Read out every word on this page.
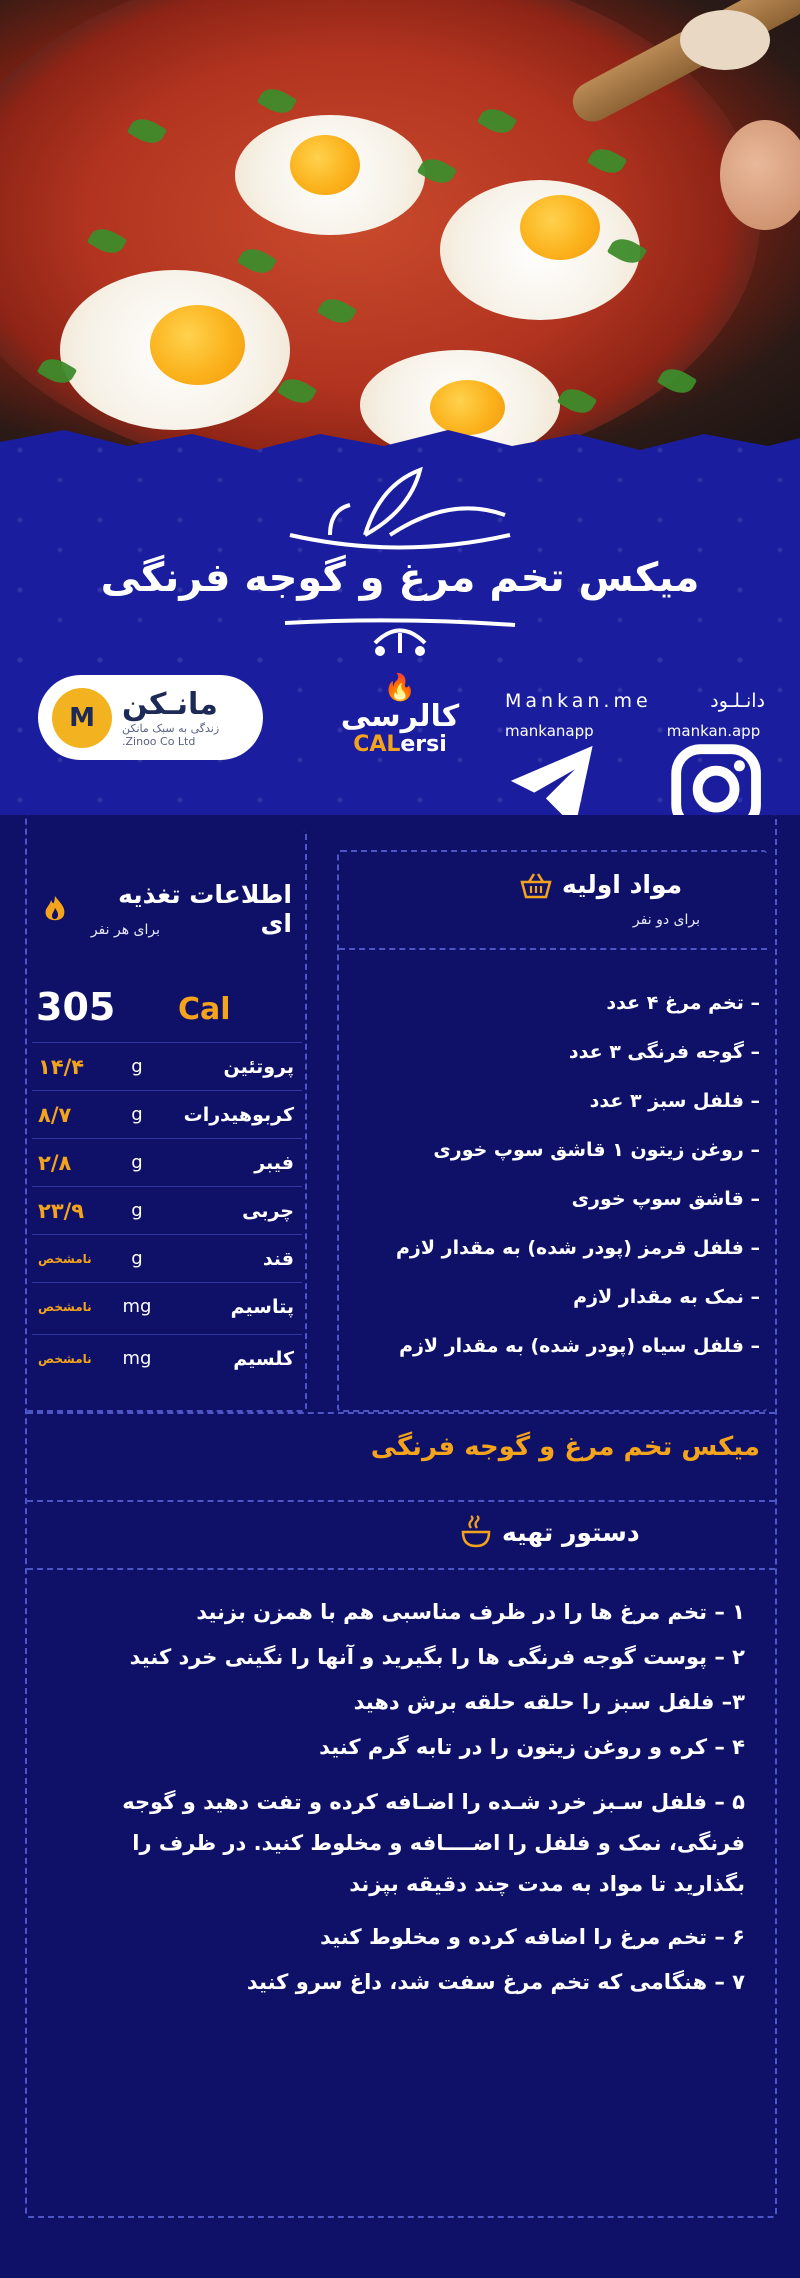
میکس تخم مرغ و گوجه فرنگی
M مانـکن
زندگی به سبک مانکن
Zinoo Co Ltd.
🔥
کالرسی
CALersi
دانـلـود
Mankan.me
mankanapp	mankan.app
اطلاعات تغذیه ای
برای هر نفر
305 Cal
پروتئین
g
۱۴/۴
کربوهیدرات
g
۸/۷
فیبر
g
۲/۸
چربی
g
۲۳/۹
قند
g
نامشخص
پتاسیم
mg
نامشخص
کلسیم
mg
نامشخص
مواد اولیه
برای دو نفر
– تخم مرغ ۴ عدد
– گوجه فرنگی ۳ عدد
– فلفل سبز ۳ عدد
– روغن زیتون ۱ قاشق سوپ خوری
– قاشق سوپ خوری
– فلفل قرمز (پودر شده) به مقدار لازم
– نمک به مقدار لازم
– فلفل سیاه (پودر شده) به مقدار لازم
میکس تخم مرغ و گوجه فرنگی
دستور تهیه
۱ – تخم مرغ ها را در ظرف مناسبی هم با همزن بزنید
۲ – پوست گوجه فرنگی ها را بگیرید و آنها را نگینی خرد کنید
۳– فلفل سبز را حلقه حلقه برش دهید
۴ – کره و روغن زیتون را در تابه گرم کنید
۵ – فلفل سـبز خرد شـده را اضـافه کرده و تفت دهید و گوجه فرنگی، نمک و فلفل را اضــــافه و مخلوط کنید. در ظرف را بگذارید تا مواد به مدت چند دقیقه بپزند
۶ – تخم مرغ را اضافه کرده و مخلوط کنید
۷ – هنگامی که تخم مرغ سفت شد، داغ سرو کنید
